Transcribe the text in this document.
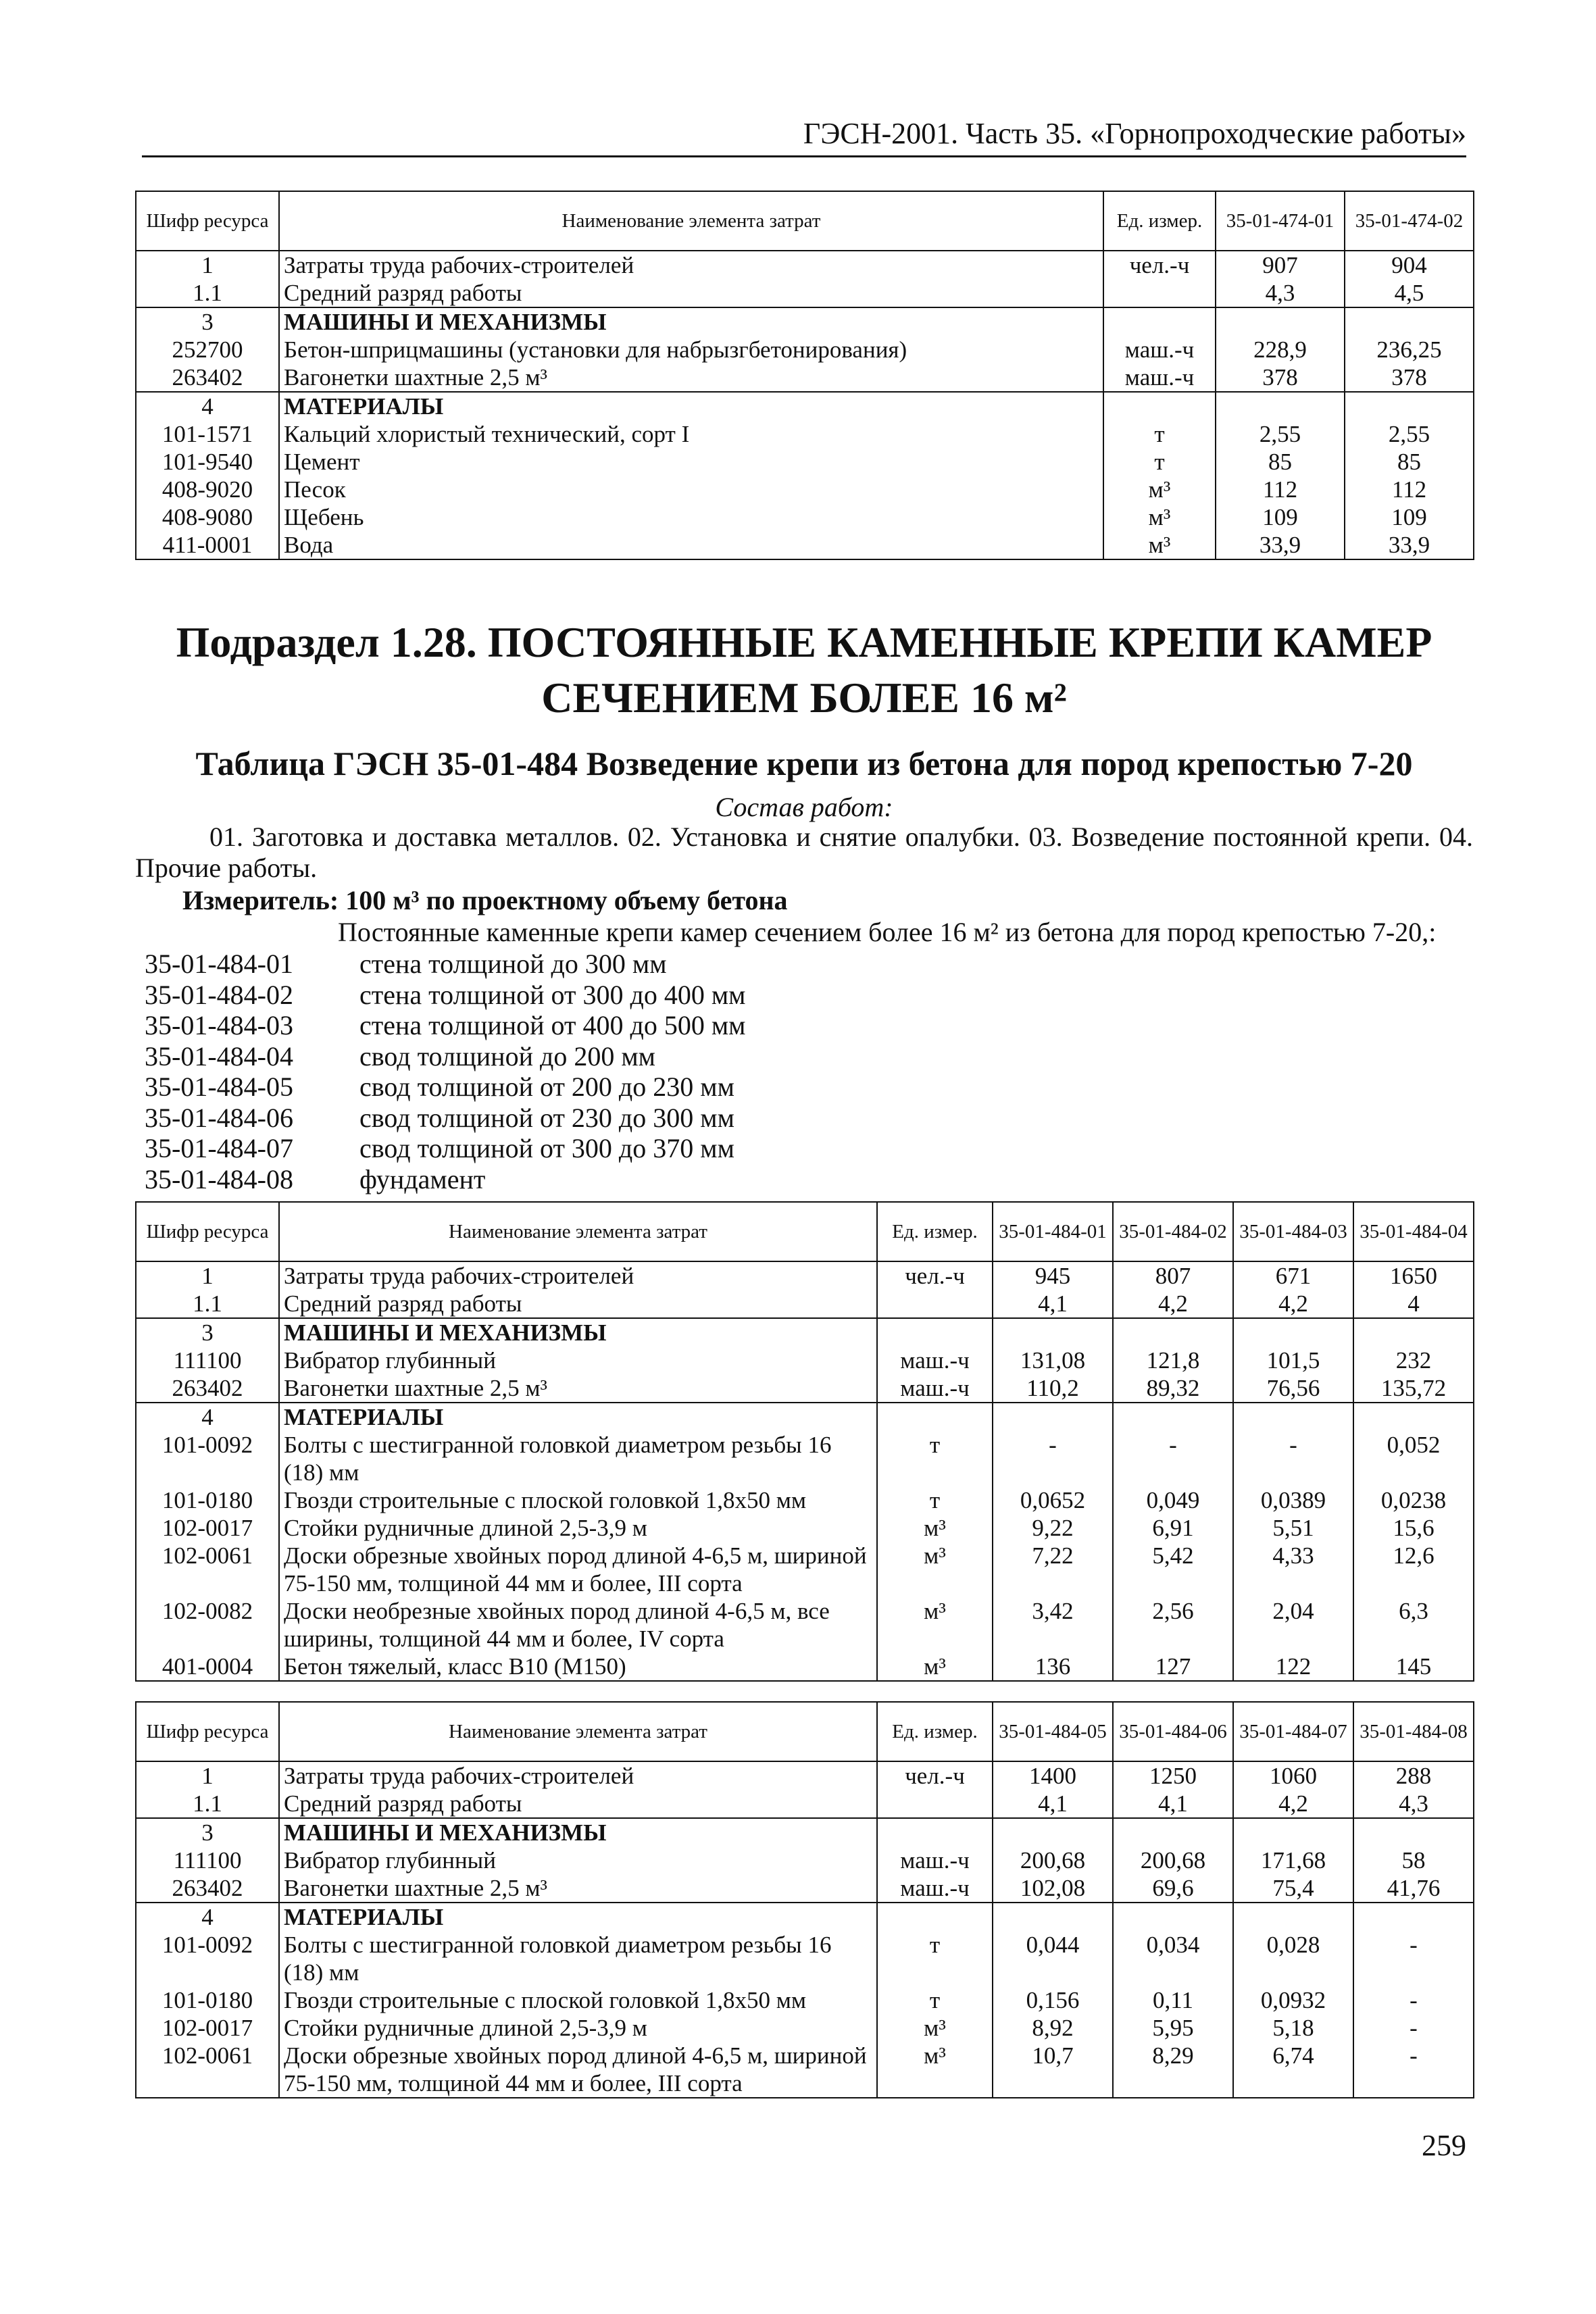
ГЭСН-2001. Часть 35. «Горнопроходческие работы»
Шифр ресурса	Наименование элемента затрат	Ед. измер.	35-01-474-01	35-01-474-02
1	Затраты труда рабочих-строителей	чел.-ч	907	904
1.1	Средний разряд работы		4,3	4,5
3	МАШИНЫ И МЕХАНИЗМЫ			
252700	Бетон-шприцмашины (установки для набрызгбетонирования)	маш.-ч	228,9	236,25
263402	Вагонетки шахтные 2,5 м³	маш.-ч	378	378
4	МАТЕРИАЛЫ			
101-1571	Кальций хлористый технический, сорт I	т	2,55	2,55
101-9540	Цемент	т	85	85
408-9020	Песок	м³	112	112
408-9080	Щебень	м³	109	109
411-0001	Вода	м³	33,9	33,9
Подраздел 1.28. ПОСТОЯННЫЕ КАМЕННЫЕ КРЕПИ КАМЕР
СЕЧЕНИЕМ БОЛЕЕ 16 м²
Таблица ГЭСН 35-01-484 Возведение крепи из бетона для пород крепостью 7-20
Состав работ:
01. Заготовка и доставка металлов. 02. Установка и снятие опалубки. 03. Возведение постоянной крепи. 04. Прочие работы.
Измеритель: 100 м³ по проектному объему бетона
Постоянные каменные крепи камер сечением более 16 м² из бетона для пород крепостью 7-20,:
35-01-484-01	стена толщиной до 300 мм
35-01-484-02	стена толщиной от 300 до 400 мм
35-01-484-03	стена толщиной от 400 до 500 мм
35-01-484-04	свод толщиной до 200 мм
35-01-484-05	свод толщиной от 200 до 230 мм
35-01-484-06	свод толщиной от 230 до 300 мм
35-01-484-07	свод толщиной от 300 до 370 мм
35-01-484-08	фундамент
Шифр ресурса	Наименование элемента затрат	Ед. измер.	35-01-484-01	35-01-484-02	35-01-484-03	35-01-484-04
1	Затраты труда рабочих-строителей	чел.-ч	945	807	671	1650
1.1	Средний разряд работы		4,1	4,2	4,2	4
3	МАШИНЫ И МЕХАНИЗМЫ					
111100	Вибратор глубинный	маш.-ч	131,08	121,8	101,5	232
263402	Вагонетки шахтные 2,5 м³	маш.-ч	110,2	89,32	76,56	135,72
4	МАТЕРИАЛЫ					
101-0092	Болты с шестигранной головкой диаметром резьбы 16 (18) мм	т	-	-	-	0,052
101-0180	Гвозди строительные с плоской головкой 1,8х50 мм	т	0,0652	0,049	0,0389	0,0238
102-0017	Стойки рудничные длиной 2,5-3,9 м	м³	9,22	6,91	5,51	15,6
102-0061	Доски обрезные хвойных пород длиной 4-6,5 м, шириной 75-150 мм, толщиной 44 мм и более, III сорта	м³	7,22	5,42	4,33	12,6
102-0082	Доски необрезные хвойных пород длиной 4-6,5 м, все ширины, толщиной 44 мм и более, IV сорта	м³	3,42	2,56	2,04	6,3
401-0004	Бетон тяжелый, класс В10 (М150)	м³	136	127	122	145
Шифр ресурса	Наименование элемента затрат	Ед. измер.	35-01-484-05	35-01-484-06	35-01-484-07	35-01-484-08
1	Затраты труда рабочих-строителей	чел.-ч	1400	1250	1060	288
1.1	Средний разряд работы		4,1	4,1	4,2	4,3
3	МАШИНЫ И МЕХАНИЗМЫ					
111100	Вибратор глубинный	маш.-ч	200,68	200,68	171,68	58
263402	Вагонетки шахтные 2,5 м³	маш.-ч	102,08	69,6	75,4	41,76
4	МАТЕРИАЛЫ					
101-0092	Болты с шестигранной головкой диаметром резьбы 16 (18) мм	т	0,044	0,034	0,028	-
101-0180	Гвозди строительные с плоской головкой 1,8х50 мм	т	0,156	0,11	0,0932	-
102-0017	Стойки рудничные длиной 2,5-3,9 м	м³	8,92	5,95	5,18	-
102-0061	Доски обрезные хвойных пород длиной 4-6,5 м, шириной 75-150 мм, толщиной 44 мм и более, III сорта	м³	10,7	8,29	6,74	-
259
